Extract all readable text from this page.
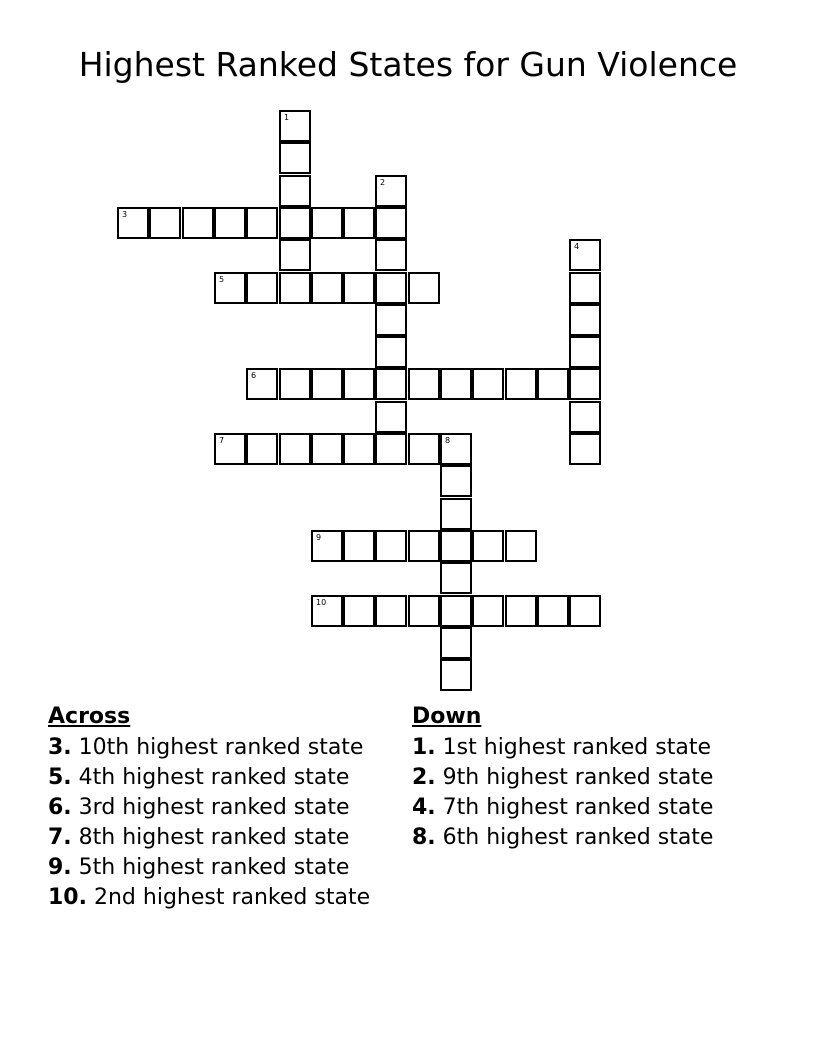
Highest Ranked States for Gun Violence
1
2
3
4
5
6
7	8
9
10
Across

3. 10th highest ranked state

5. 4th highest ranked state

6. 3rd highest ranked state

7. 8th highest ranked state

9. 5th highest ranked state

10. 2nd highest ranked state

Down

1. 1st highest ranked state

2. 9th highest ranked state

4. 7th highest ranked state

8. 6th highest ranked state
